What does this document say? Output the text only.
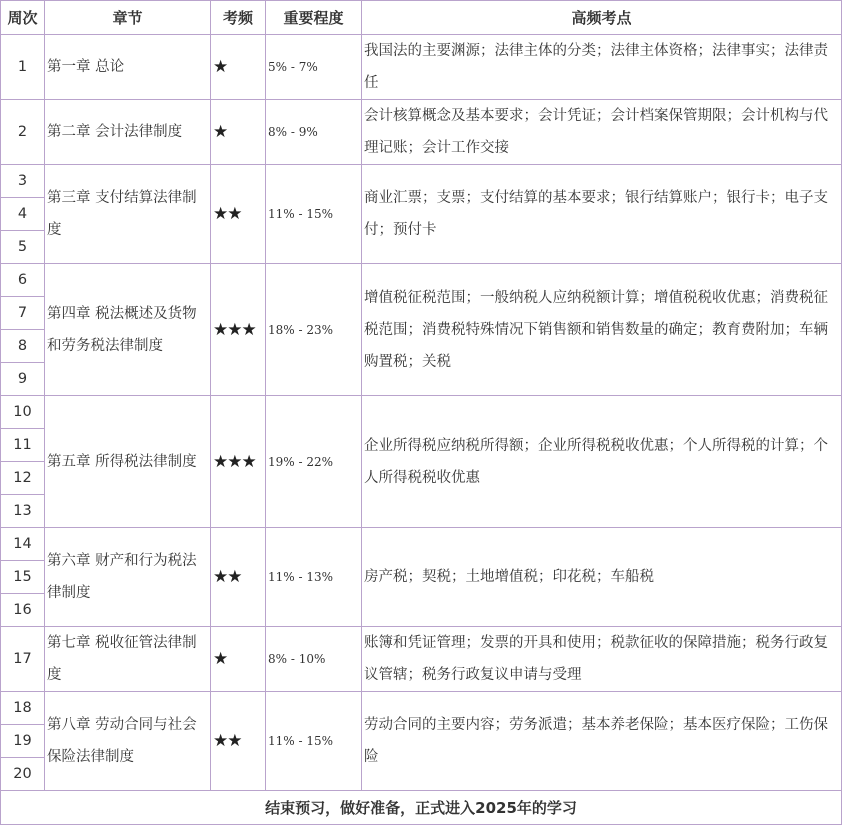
周次	章节	考频	重要程度	高频考点
1	第一章 总论	★	5% - 7%	我国法的主要渊源；法律主体的分类；法律主体资格；法律事实；法律责任
2	第二章 会计法律制度	★	8% - 9%	会计核算概念及基本要求；会计凭证；会计档案保管期限；会计机构与代理记账；会计工作交接
3	第三章 支付结算法律制度	★★	11% - 15%	商业汇票；支票；支付结算的基本要求；银行结算账户；银行卡；电子支付；预付卡
4				
5				
6	第四章 税法概述及货物和劳务税法律制度	★★★	18% - 23%	增值税征税范围；一般纳税人应纳税额计算；增值税税收优惠；消费税征税范围；消费税特殊情况下销售额和销售数量的确定；教育费附加；车辆购置税；关税
7				
8				
9				
10	第五章 所得税法律制度	★★★	19% - 22%	企业所得税应纳税所得额；企业所得税税收优惠；个人所得税的计算；个人所得税税收优惠
11				
12				
13				
14	第六章 财产和行为税法律制度	★★	11% - 13%	房产税；契税；土地增值税；印花税；车船税
15				
16				
17	第七章 税收征管法律制度	★	8% - 10%	账簿和凭证管理；发票的开具和使用；税款征收的保障措施；税务行政复议管辖；税务行政复议申请与受理
18	第八章 劳动合同与社会保险法律制度	★★	11% - 15%	劳动合同的主要内容；劳务派遣；基本养老保险；基本医疗保险；工伤保险
19				
20				
结束预习，做好准备，正式进入2025年的学习				
